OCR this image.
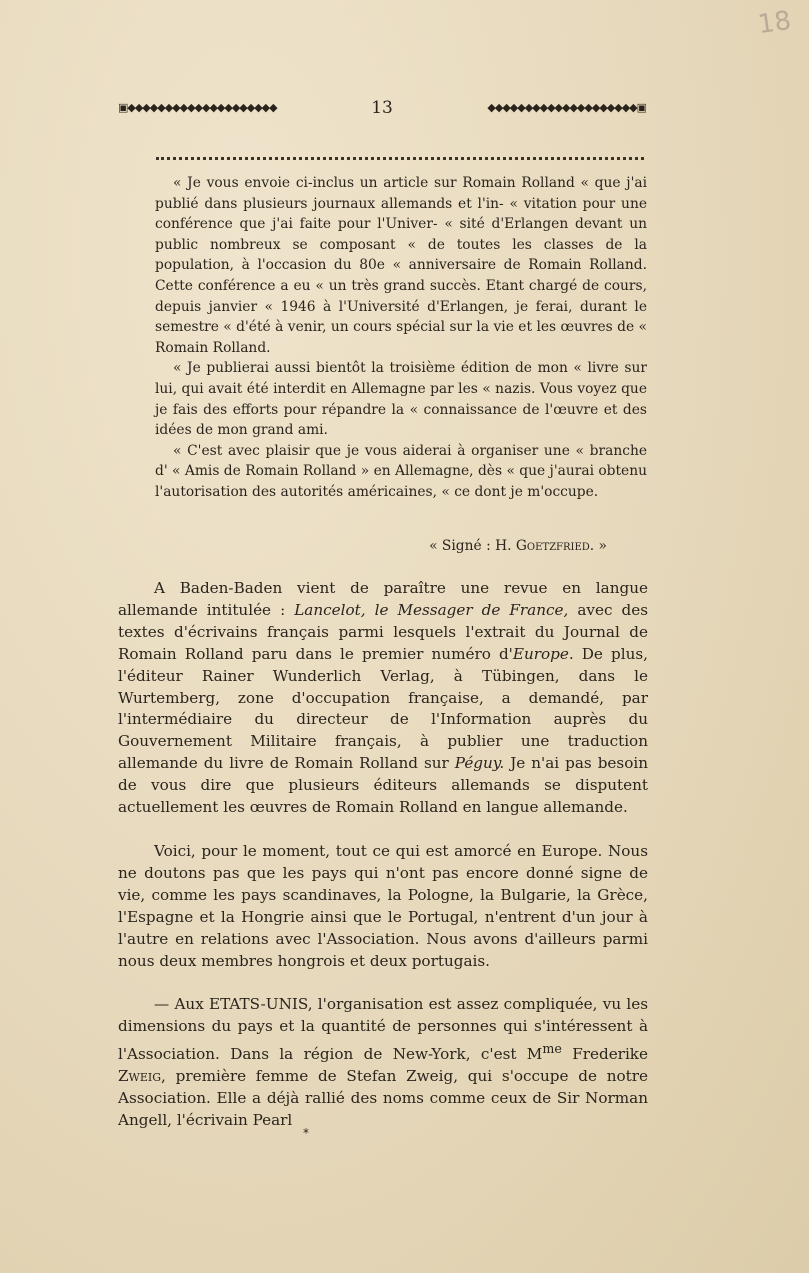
18
▣◆◆◆◆◆◆◆◆◆◆◆◆◆◆◆◆◆◆◆◆	13	◆◆◆◆◆◆◆◆◆◆◆◆◆◆◆◆◆◆◆◆▣

« Je vous envoie ci-inclus un article sur Romain Rolland « que j'ai publié dans plusieurs journaux allemands et l'in- « vitation pour une conférence que j'ai faite pour l'Univer- « sité d'Erlangen devant un public nombreux se composant « de toutes les classes de la population, à l'occasion du 80e « anniversaire de Romain Rolland. Cette conférence a eu « un très grand succès. Etant chargé de cours, depuis janvier « 1946 à l'Université d'Erlangen, je ferai, durant le semestre « d'été à venir, un cours spécial sur la vie et les œuvres de « Romain Rolland.

« Je publierai aussi bientôt la troisième édition de mon « livre sur lui, qui avait été interdit en Allemagne par les « nazis. Vous voyez que je fais des efforts pour répandre la « connaissance de l'œuvre et des idées de mon grand ami.

« C'est avec plaisir que je vous aiderai à organiser une « branche d' « Amis de Romain Rolland » en Allemagne, dès « que j'aurai obtenu l'autorisation des autorités américaines, « ce dont je m'occupe.

« Signé : H. Goetzfried. »

A Baden-Baden vient de paraître une revue en langue allemande intitulée : Lancelot, le Messager de France, avec des textes d'écrivains français parmi lesquels l'extrait du Journal de Romain Rolland paru dans le premier numéro d'Europe. De plus, l'éditeur Rainer Wunderlich Verlag, à Tübingen, dans le Wurtemberg, zone d'occupation française, a demandé, par l'intermédiaire du directeur de l'Information auprès du Gouvernement Militaire français, à publier une traduction allemande du livre de Romain Rolland sur Péguy. Je n'ai pas besoin de vous dire que plusieurs éditeurs allemands se disputent actuellement les œuvres de Romain Rolland en langue allemande.

Voici, pour le moment, tout ce qui est amorcé en Europe. Nous ne doutons pas que les pays qui n'ont pas encore donné signe de vie, comme les pays scandinaves, la Pologne, la Bulgarie, la Grèce, l'Espagne et la Hongrie ainsi que le Portugal, n'entrent d'un jour à l'autre en relations avec l'Association. Nous avons d'ailleurs parmi nous deux membres hongrois et deux portugais.

— Aux ETATS-UNIS, l'organisation est assez compliquée, vu les dimensions du pays et la quantité de personnes qui s'intéressent à l'Association. Dans la région de New-York, c'est $M^{me}$ Frederike Zweig, première femme de Stefan Zweig, qui s'occupe de notre Association. Elle a déjà rallié des noms comme ceux de Sir Norman Angell, l'écrivain Pearl

*
